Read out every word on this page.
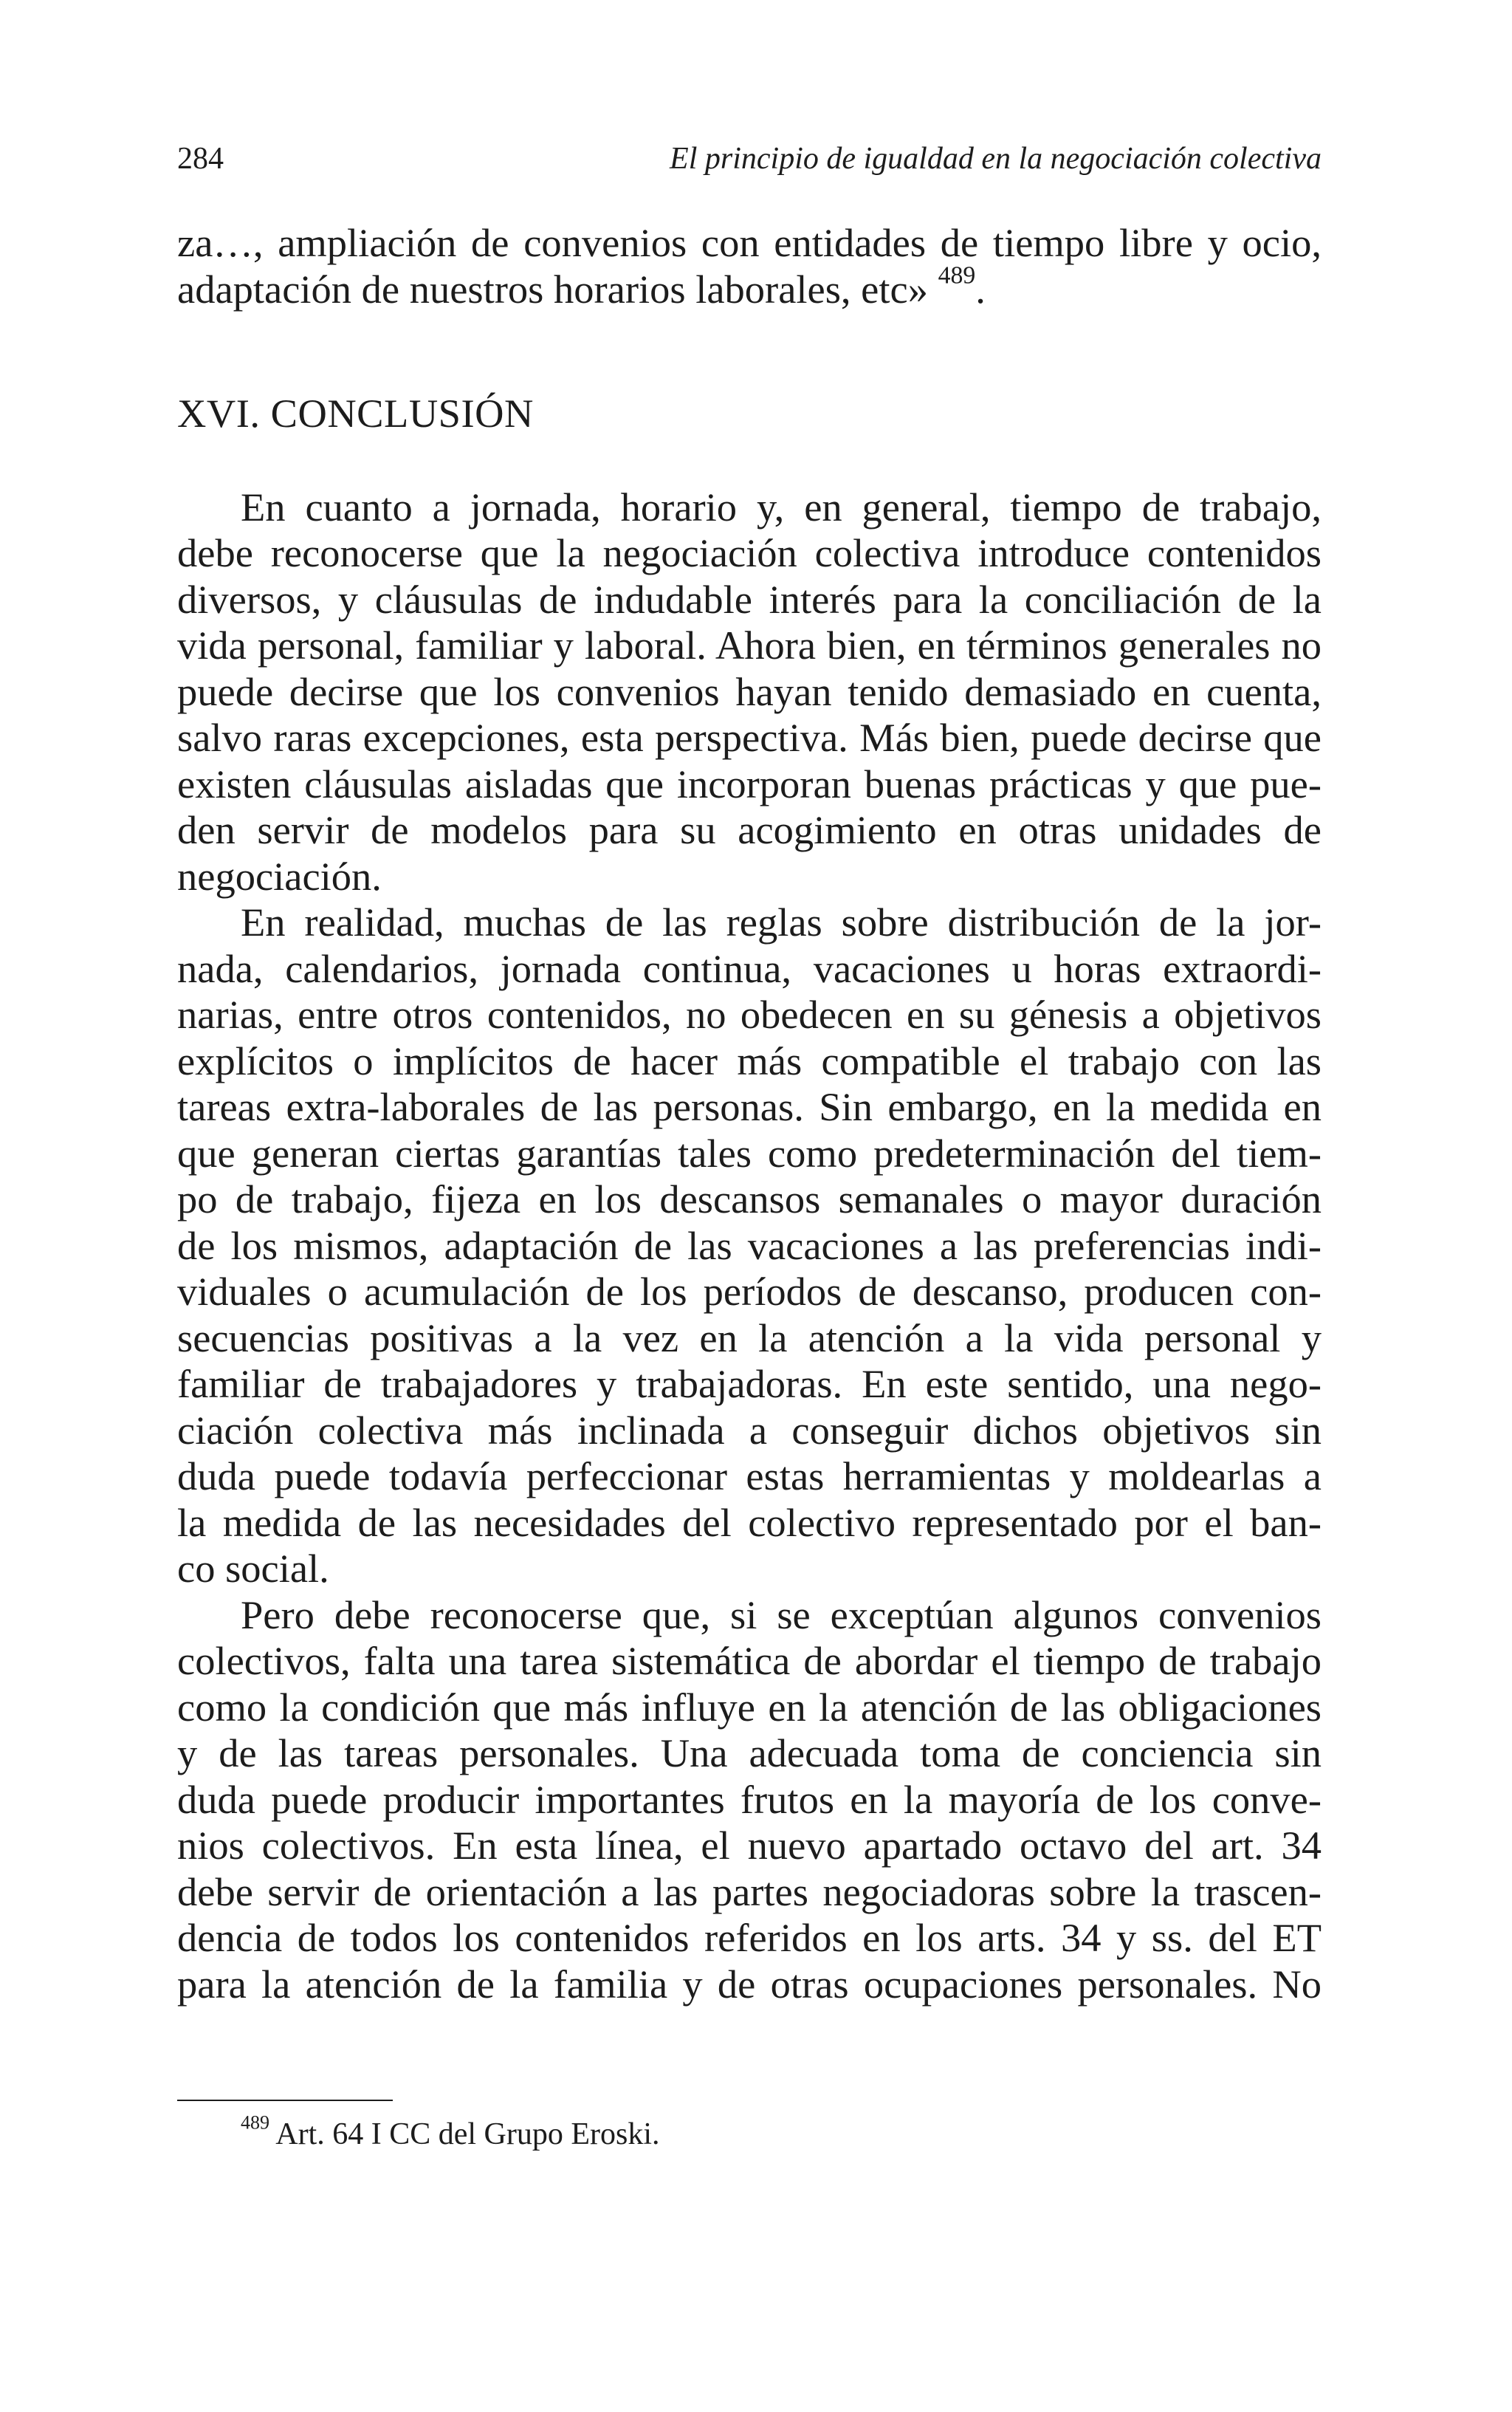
284	El principio de igualdad en la negociación colectiva

za…, ampliación de convenios con entidades de tiempo libre y ocio,
adaptación de nuestros horarios laborales, etc» $^{489}$.

XVI. CONCLUSIÓN

En cuanto a jornada, horario y, en general, tiempo de trabajo,
debe reconocerse que la negociación colectiva introduce contenidos
diversos, y cláusulas de indudable interés para la conciliación de la
vida personal, familiar y laboral. Ahora bien, en términos generales no
puede decirse que los convenios hayan tenido demasiado en cuenta,
salvo raras excepciones, esta perspectiva. Más bien, puede decirse que
existen cláusulas aisladas que incorporan buenas prácticas y que pue-
den servir de modelos para su acogimiento en otras unidades de
negociación.

En realidad, muchas de las reglas sobre distribución de la jor-
nada, calendarios, jornada continua, vacaciones u horas extraordi-
narias, entre otros contenidos, no obedecen en su génesis a objetivos
explícitos o implícitos de hacer más compatible el trabajo con las
tareas extra-laborales de las personas. Sin embargo, en la medida en
que generan ciertas garantías tales como predeterminación del tiem-
po de trabajo, fijeza en los descansos semanales o mayor duración
de los mismos, adaptación de las vacaciones a las preferencias indi-
viduales o acumulación de los períodos de descanso, producen con-
secuencias positivas a la vez en la atención a la vida personal y
familiar de trabajadores y trabajadoras. En este sentido, una nego-
ciación colectiva más inclinada a conseguir dichos objetivos sin
duda puede todavía perfeccionar estas herramientas y moldearlas a
la medida de las necesidades del colectivo representado por el ban-
co social.

Pero debe reconocerse que, si se exceptúan algunos convenios
colectivos, falta una tarea sistemática de abordar el tiempo de trabajo
como la condición que más influye en la atención de las obligaciones
y de las tareas personales. Una adecuada toma de conciencia sin
duda puede producir importantes frutos en la mayoría de los conve-
nios colectivos. En esta línea, el nuevo apartado octavo del art. 34
debe servir de orientación a las partes negociadoras sobre la trascen-
dencia de todos los contenidos referidos en los arts. 34 y ss. del ET
para la atención de la familia y de otras ocupaciones personales. No

$^{489}$ Art. 64 I CC del Grupo Eroski.
